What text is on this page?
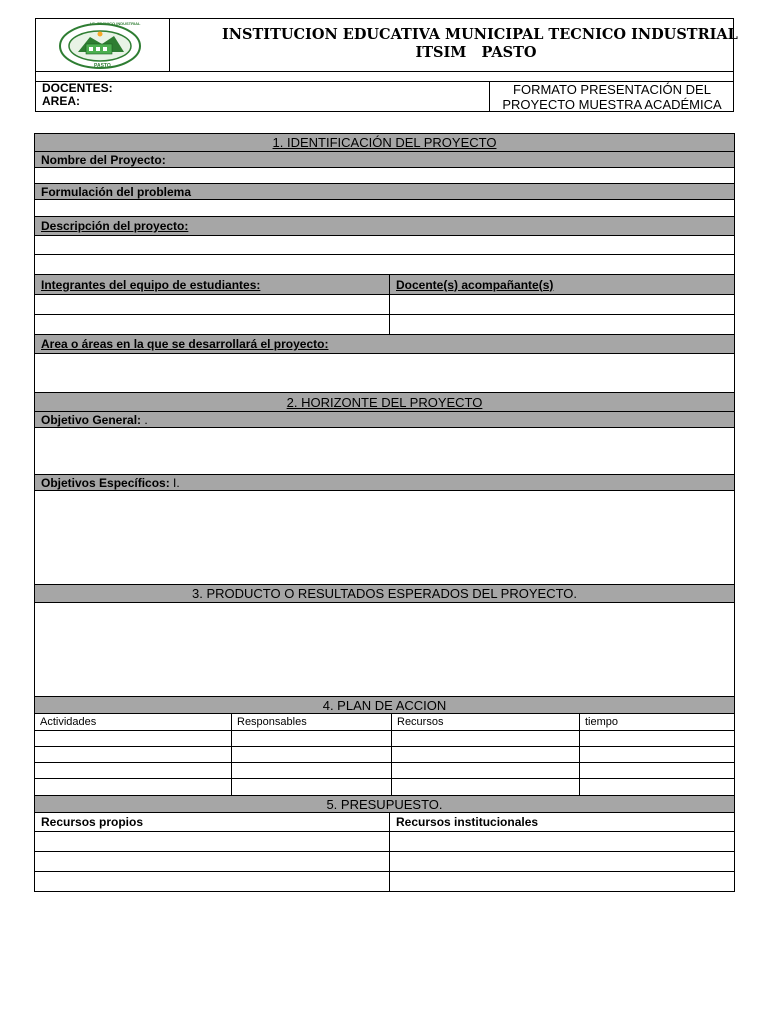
I.E. TECNICO INDUSTRIAL
PASTO
INSTITUCION EDUCATIVA MUNICIPAL TECNICO INDUSTRIAL
ITSIM   PASTO
DOCENTES:
AREA:
FORMATO PRESENTACIÓN DEL
PROYECTO MUESTRA ACADÉMICA
1. IDENTIFICACIÓN DEL PROYECTO
Nombre del Proyecto:
Formulación del problema
Descripción del proyecto:
Integrantes del equipo de estudiantes:	Docente(s) acompañante(s)
Area o áreas en la que se desarrollará el proyecto:
2. HORIZONTE DEL PROYECTO
Objetivo General: .
Objetivos Específicos: I.
3. PRODUCTO O RESULTADOS ESPERADOS DEL PROYECTO.
4. PLAN DE ACCION
Actividades	Responsables	Recursos	tiempo
5. PRESUPUESTO.
Recursos propios	Recursos institucionales
